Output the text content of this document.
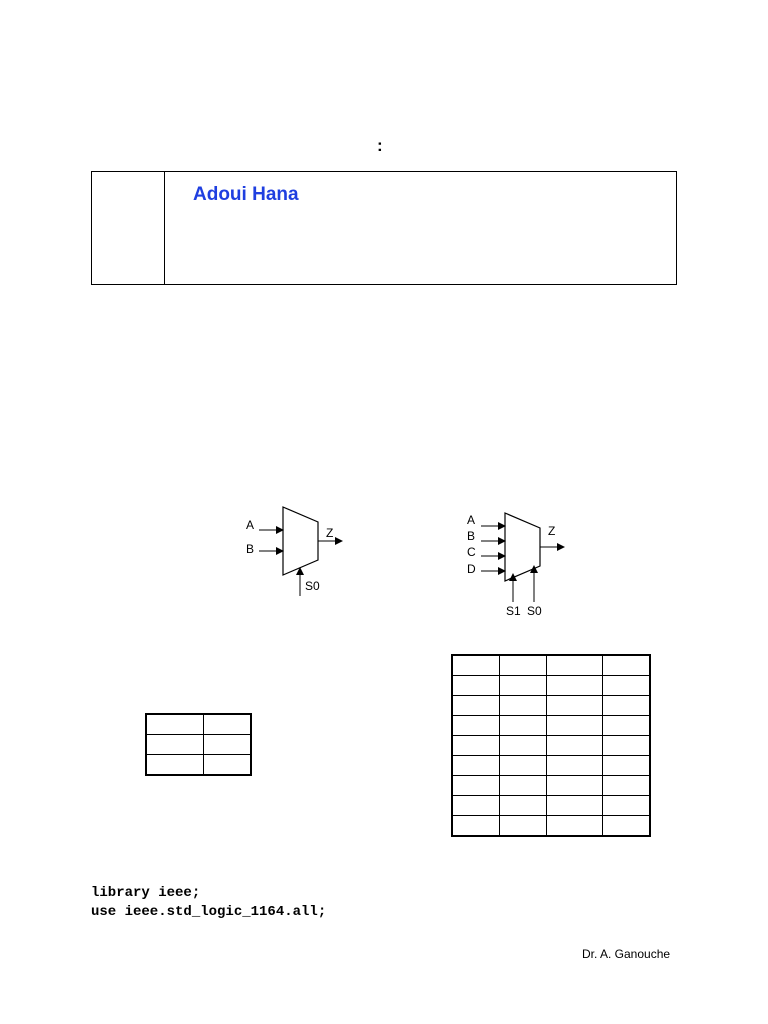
:
Adoui Hana
A
B
Z
S0
A
B
C
D
Z
S1 S0

library ieee;
use ieee.std_logic_1164.all;
Dr. A. Ganouche
